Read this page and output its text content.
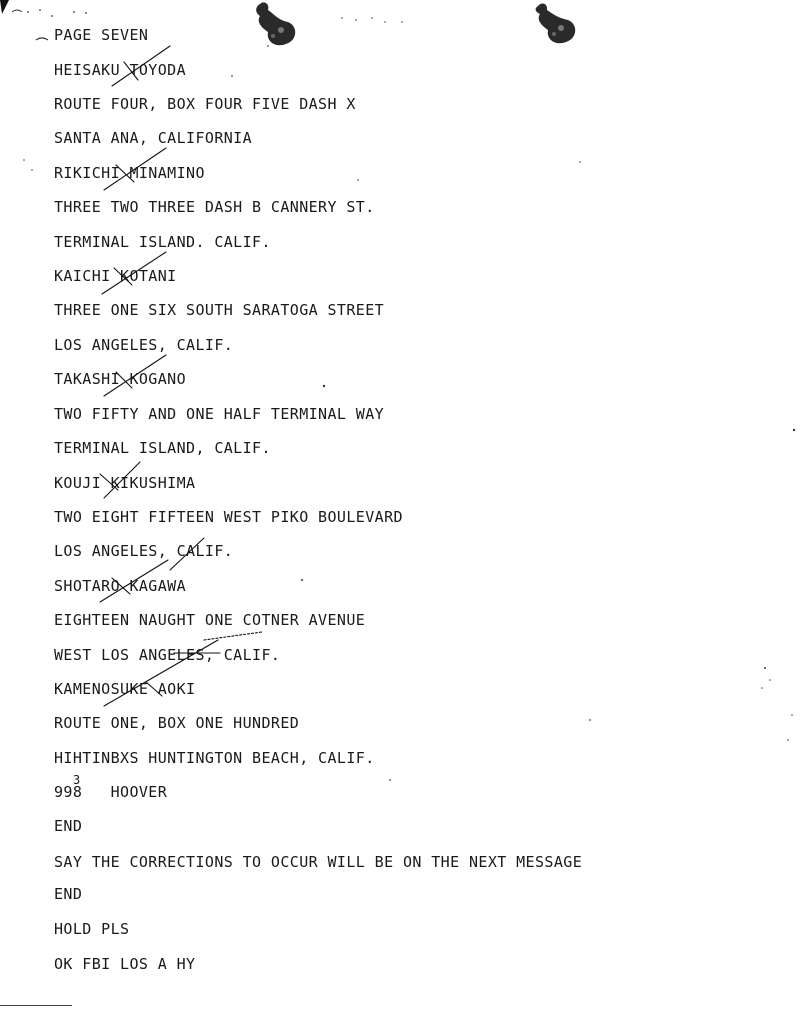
PAGE SEVEN
HEISAKU TOYODA
ROUTE FOUR, BOX FOUR FIVE DASH X
SANTA ANA, CALIFORNIA
RIKICHI MINAMINO
THREE TWO THREE DASH B CANNERY ST.
TERMINAL ISLAND. CALIF.
KAICHI KOTANI
THREE ONE SIX SOUTH SARATOGA STREET
LOS ANGELES, CALIF.
TAKASHI KOGANO
TWO FIFTY AND ONE HALF TERMINAL WAY
TERMINAL ISLAND, CALIF.
KOUJI KIKUSHIMA
TWO EIGHT FIFTEEN WEST PIKO BOULEVARD
LOS ANGELES, CALIF.
SHOTARO KAGAWA
EIGHTEEN NAUGHT ONE COTNER AVENUE
WEST LOS ANGELES, CALIF.
KAMENOSUKE AOKI
ROUTE ONE, BOX ONE HUNDRED
HIHTINBXS HUNTINGTON BEACH, CALIF.
998   HOOVER
3
END
SAY THE CORRECTIONS TO OCCUR WILL BE ON THE NEXT MESSAGE
END
HOLD PLS
OK FBI LOS A HY
